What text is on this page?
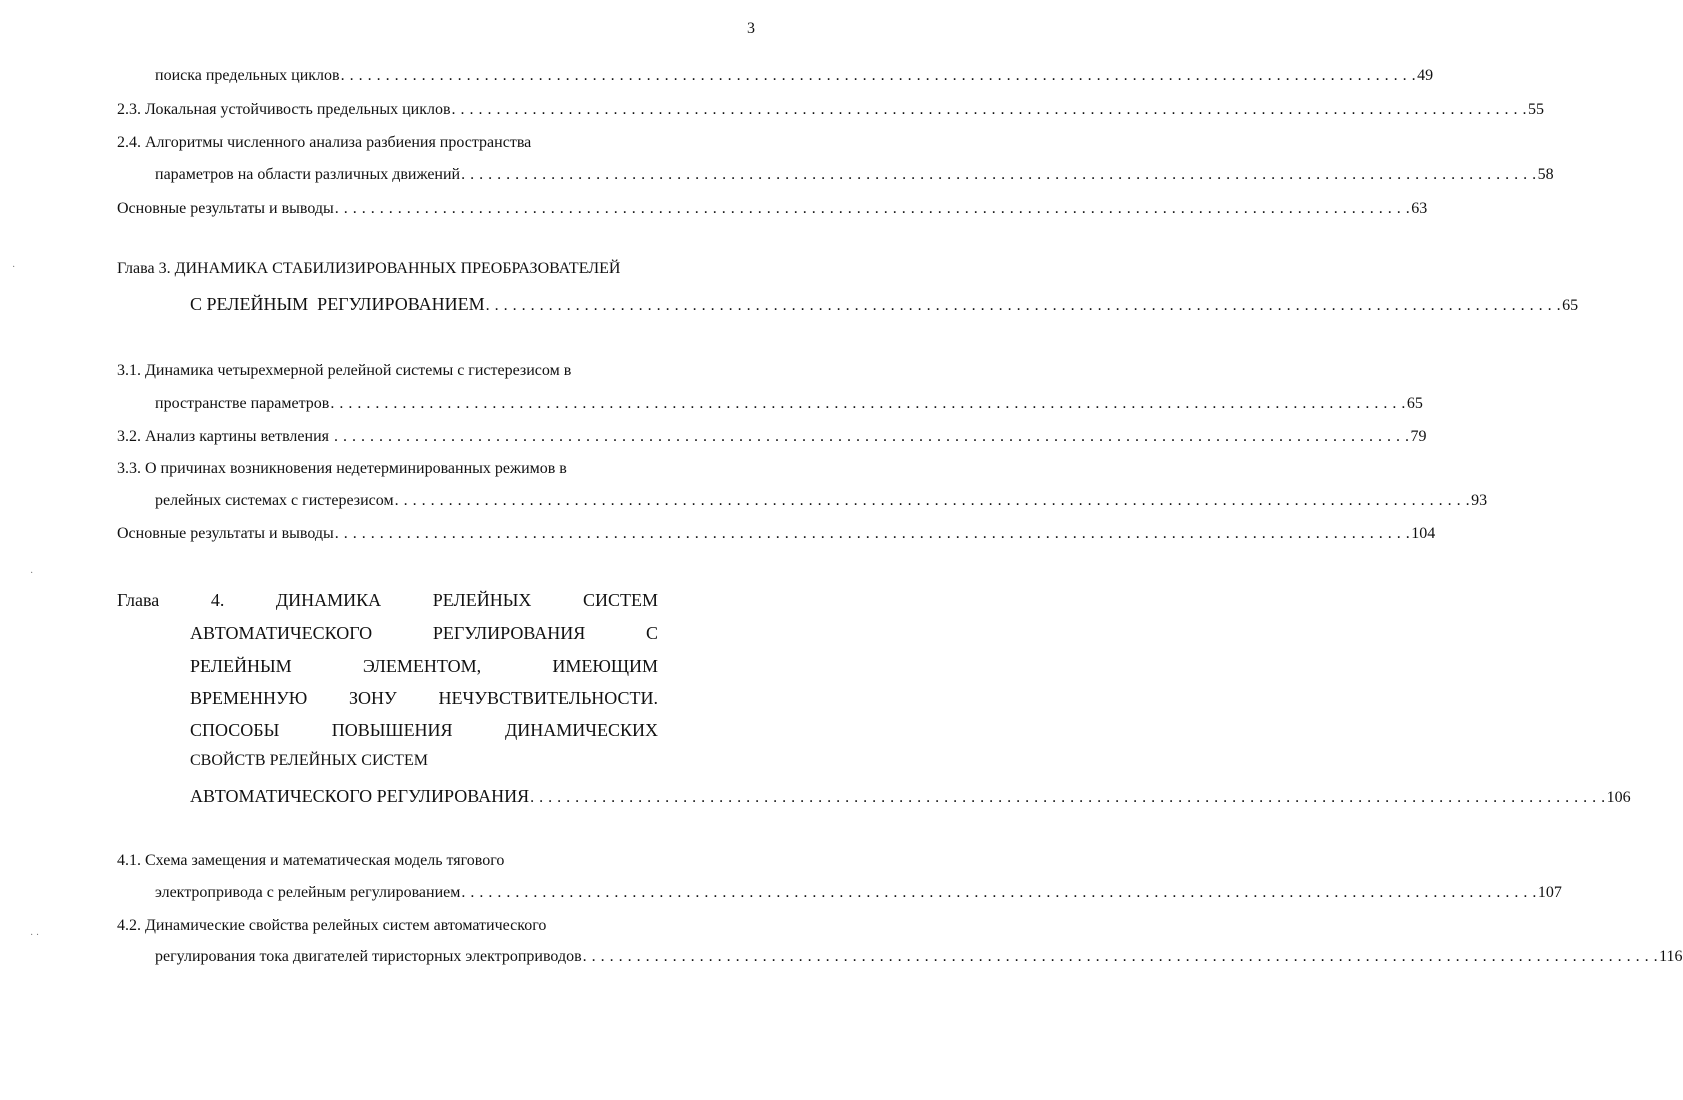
3
поиска предельных циклов . . . . . . . . . . . . . . . . . . . . . . . . . . . . . . . . . . . . . . . . . . . . . . . . . . . . . . . . . . . . . . . . . . . . . . . . . . . . . . . . . . . . . . . . . . . . . . . . . . . . . . . . . . . . . . . . . . . . . . . . 49
2.3. Локальная устойчивость предельных циклов . . . . . . . . . . . . . . . . . . . . . . . . . . . . . . . . . . . . . . . . . . . . . . . . . . . . . . . . . . . . . . . . . . . . . . . . . . . . . . . . . . . . . . . . . . . . . . . . . . . . . . . . . . . . . . . . . . . . . . . . 55
2.4. Алгоритмы численного анализа разбиения пространства
параметров на области различных движений . . . . . . . . . . . . . . . . . . . . . . . . . . . . . . . . . . . . . . . . . . . . . . . . . . . . . . . . . . . . . . . . . . . . . . . . . . . . . . . . . . . . . . . . . . . . . . . . . . . . . . . . . . . . . . . . . . . . . . . . 58
Основные результаты и выводы . . . . . . . . . . . . . . . . . . . . . . . . . . . . . . . . . . . . . . . . . . . . . . . . . . . . . . . . . . . . . . . . . . . . . . . . . . . . . . . . . . . . . . . . . . . . . . . . . . . . . . . . . . . . . . . . . . . . . . . . 63
Глава 3. ДИНАМИКА СТАБИЛИЗИРОВАННЫХ ПРЕОБРАЗОВАТЕЛЕЙ
С РЕЛЕЙНЫМ  РЕГУЛИРОВАНИЕМ . . . . . . . . . . . . . . . . . . . . . . . . . . . . . . . . . . . . . . . . . . . . . . . . . . . . . . . . . . . . . . . . . . . . . . . . . . . . . . . . . . . . . . . . . . . . . . . . . . . . . . . . . . . . . . . . . . . . . . . . 65
3.1. Динамика четырехмерной релейной системы с гистерезисом в
пространстве параметров . . . . . . . . . . . . . . . . . . . . . . . . . . . . . . . . . . . . . . . . . . . . . . . . . . . . . . . . . . . . . . . . . . . . . . . . . . . . . . . . . . . . . . . . . . . . . . . . . . . . . . . . . . . . . . . . . . . . . . . . 65
3.2. Анализ картины ветвления . . . . . . . . . . . . . . . . . . . . . . . . . . . . . . . . . . . . . . . . . . . . . . . . . . . . . . . . . . . . . . . . . . . . . . . . . . . . . . . . . . . . . . . . . . . . . . . . . . . . . . . . . . . . . . . . . . . . . . . . 79
3.3. О причинах возникновения недетерминированных режимов в
релейных системах с гистерезисом . . . . . . . . . . . . . . . . . . . . . . . . . . . . . . . . . . . . . . . . . . . . . . . . . . . . . . . . . . . . . . . . . . . . . . . . . . . . . . . . . . . . . . . . . . . . . . . . . . . . . . . . . . . . . . . . . . . . . . . . 93
Основные результаты и выводы . . . . . . . . . . . . . . . . . . . . . . . . . . . . . . . . . . . . . . . . . . . . . . . . . . . . . . . . . . . . . . . . . . . . . . . . . . . . . . . . . . . . . . . . . . . . . . . . . . . . . . . . . . . . . . . . . . . . . . . . 104
Глава	4.	ДИНАМИКА	РЕЛЕЙНЫХ	СИСТЕМ
АВТОМАТИЧЕСКОГО	РЕГУЛИРОВАНИЯ	С
РЕЛЕЙНЫМ	ЭЛЕМЕНТОМ,	ИМЕЮЩИМ
ВРЕМЕННУЮ ЗОНУ НЕЧУВСТВИТЕЛЬНОСТИ.
СПОСОБЫ	ПОВЫШЕНИЯ	ДИНАМИЧЕСКИХ
СВОЙСТВ РЕЛЕЙНЫХ СИСТЕМ
АВТОМАТИЧЕСКОГО РЕГУЛИРОВАНИЯ . . . . . . . . . . . . . . . . . . . . . . . . . . . . . . . . . . . . . . . . . . . . . . . . . . . . . . . . . . . . . . . . . . . . . . . . . . . . . . . . . . . . . . . . . . . . . . . . . . . . . . . . . . . . . . . . . . . . . . . . 106
4.1. Схема замещения и математическая модель тягового
электропривода с релейным регулированием . . . . . . . . . . . . . . . . . . . . . . . . . . . . . . . . . . . . . . . . . . . . . . . . . . . . . . . . . . . . . . . . . . . . . . . . . . . . . . . . . . . . . . . . . . . . . . . . . . . . . . . . . . . . . . . . . . . . . . . . 107
4.2. Динамические свойства релейных систем автоматического
регулирования тока двигателей тиристорных электроприводов . . . . . . . . . . . . . . . . . . . . . . . . . . . . . . . . . . . . . . . . . . . . . . . . . . . . . . . . . . . . . . . . . . . . . . . . . . . . . . . . . . . . . . . . . . . . . . . . . . . . . . . . . . . . . . . . . . . . . . . . 116
·
·
· ·
